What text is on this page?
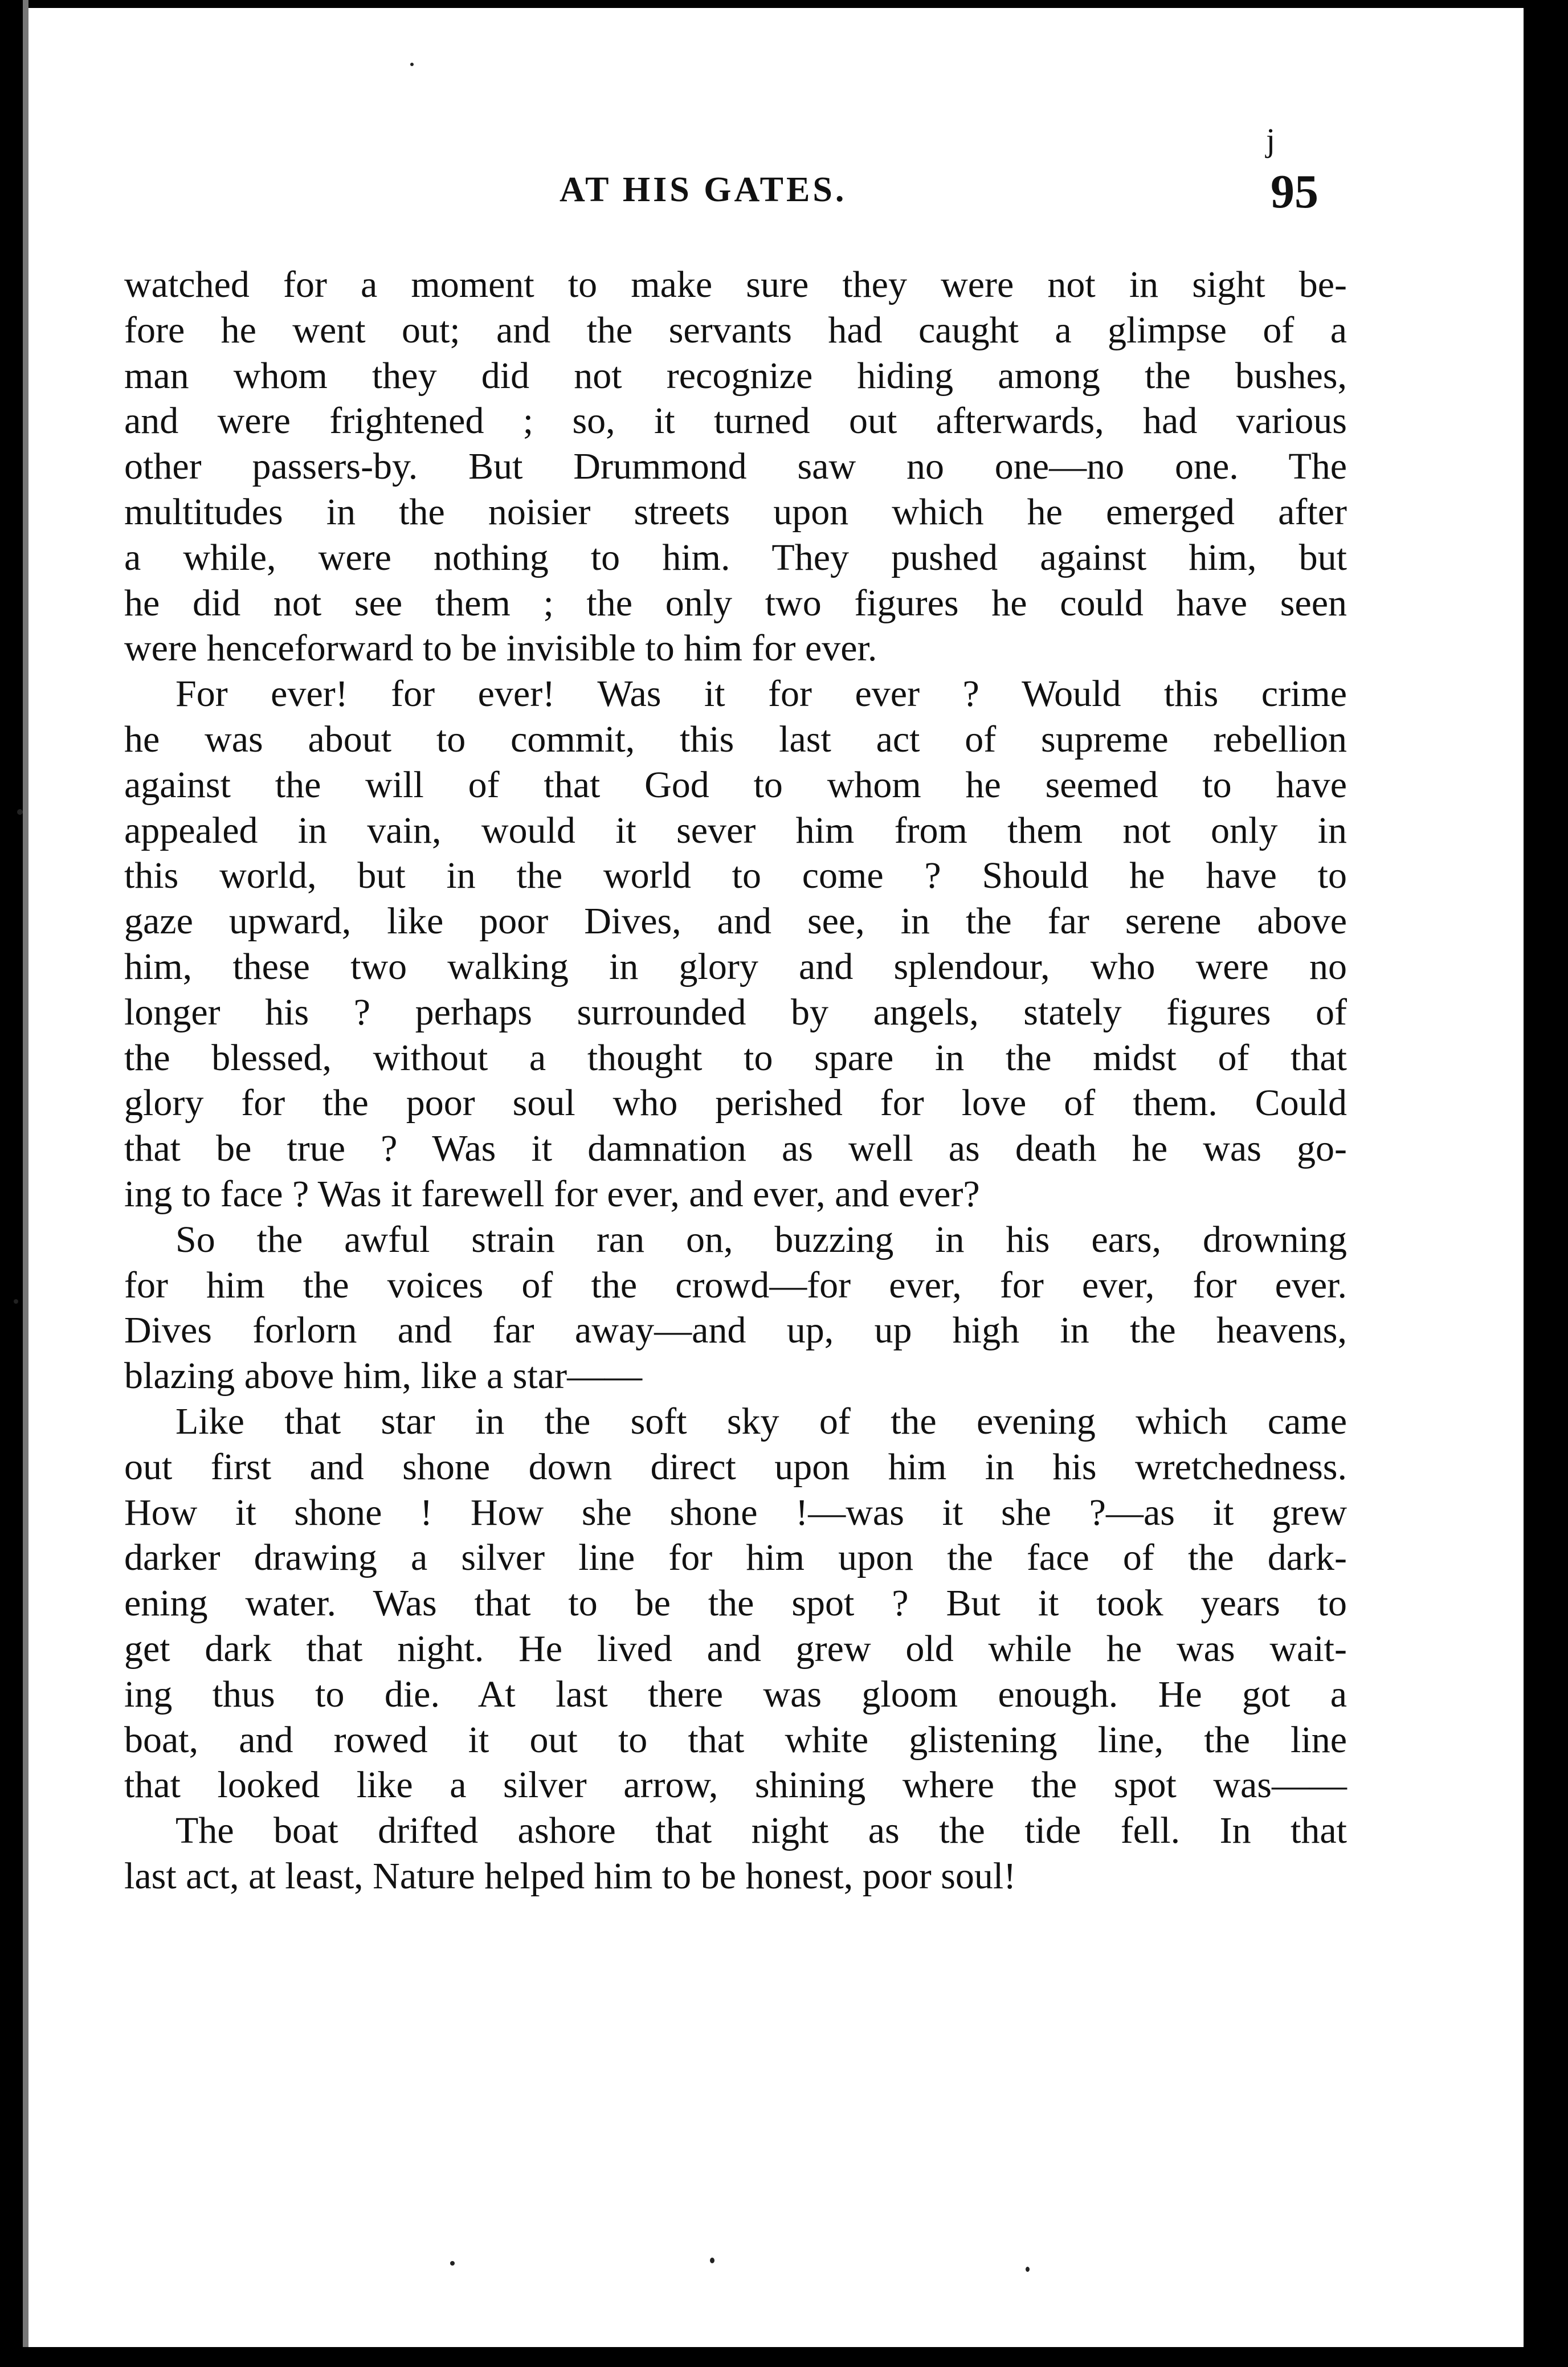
j
AT HIS GATES.	95
watched for a moment to make sure they were not in sight be-
fore he went out; and the servants had caught a glimpse of a
man whom they did not recognize hiding among the bushes,
and were frightened ; so, it turned out afterwards, had various
other passers-by. But Drummond saw no one—no one. The
multitudes in the noisier streets upon which he emerged after
a while, were nothing to him. They pushed against him, but
he did not see them ; the only two figures he could have seen
were henceforward to be invisible to him for ever.
For ever! for ever! Was it for ever ? Would this crime
he was about to commit, this last act of supreme rebellion
against the will of that God to whom he seemed to have
appealed in vain, would it sever him from them not only in
this world, but in the world to come ? Should he have to
gaze upward, like poor Dives, and see, in the far serene above
him, these two walking in glory and splendour, who were no
longer his ? perhaps surrounded by angels, stately figures of
the blessed, without a thought to spare in the midst of that
glory for the poor soul who perished for love of them. Could
that be true ? Was it damnation as well as death he was go-
ing to face ? Was it farewell for ever, and ever, and ever?
So the awful strain ran on, buzzing in his ears, drowning
for him the voices of the crowd—for ever, for ever, for ever.
Dives forlorn and far away—and up, up high in the heavens,
blazing above him, like a star——
Like that star in the soft sky of the evening which came
out first and shone down direct upon him in his wretchedness.
How it shone ! How she shone !—was it she ?—as it grew
darker drawing a silver line for him upon the face of the dark-
ening water. Was that to be the spot ? But it took years to
get dark that night. He lived and grew old while he was wait-
ing thus to die. At last there was gloom enough. He got a
boat, and rowed it out to that white glistening line, the line
that looked like a silver arrow, shining where the spot was——
The boat drifted ashore that night as the tide fell. In that
last act, at least, Nature helped him to be honest, poor soul!
